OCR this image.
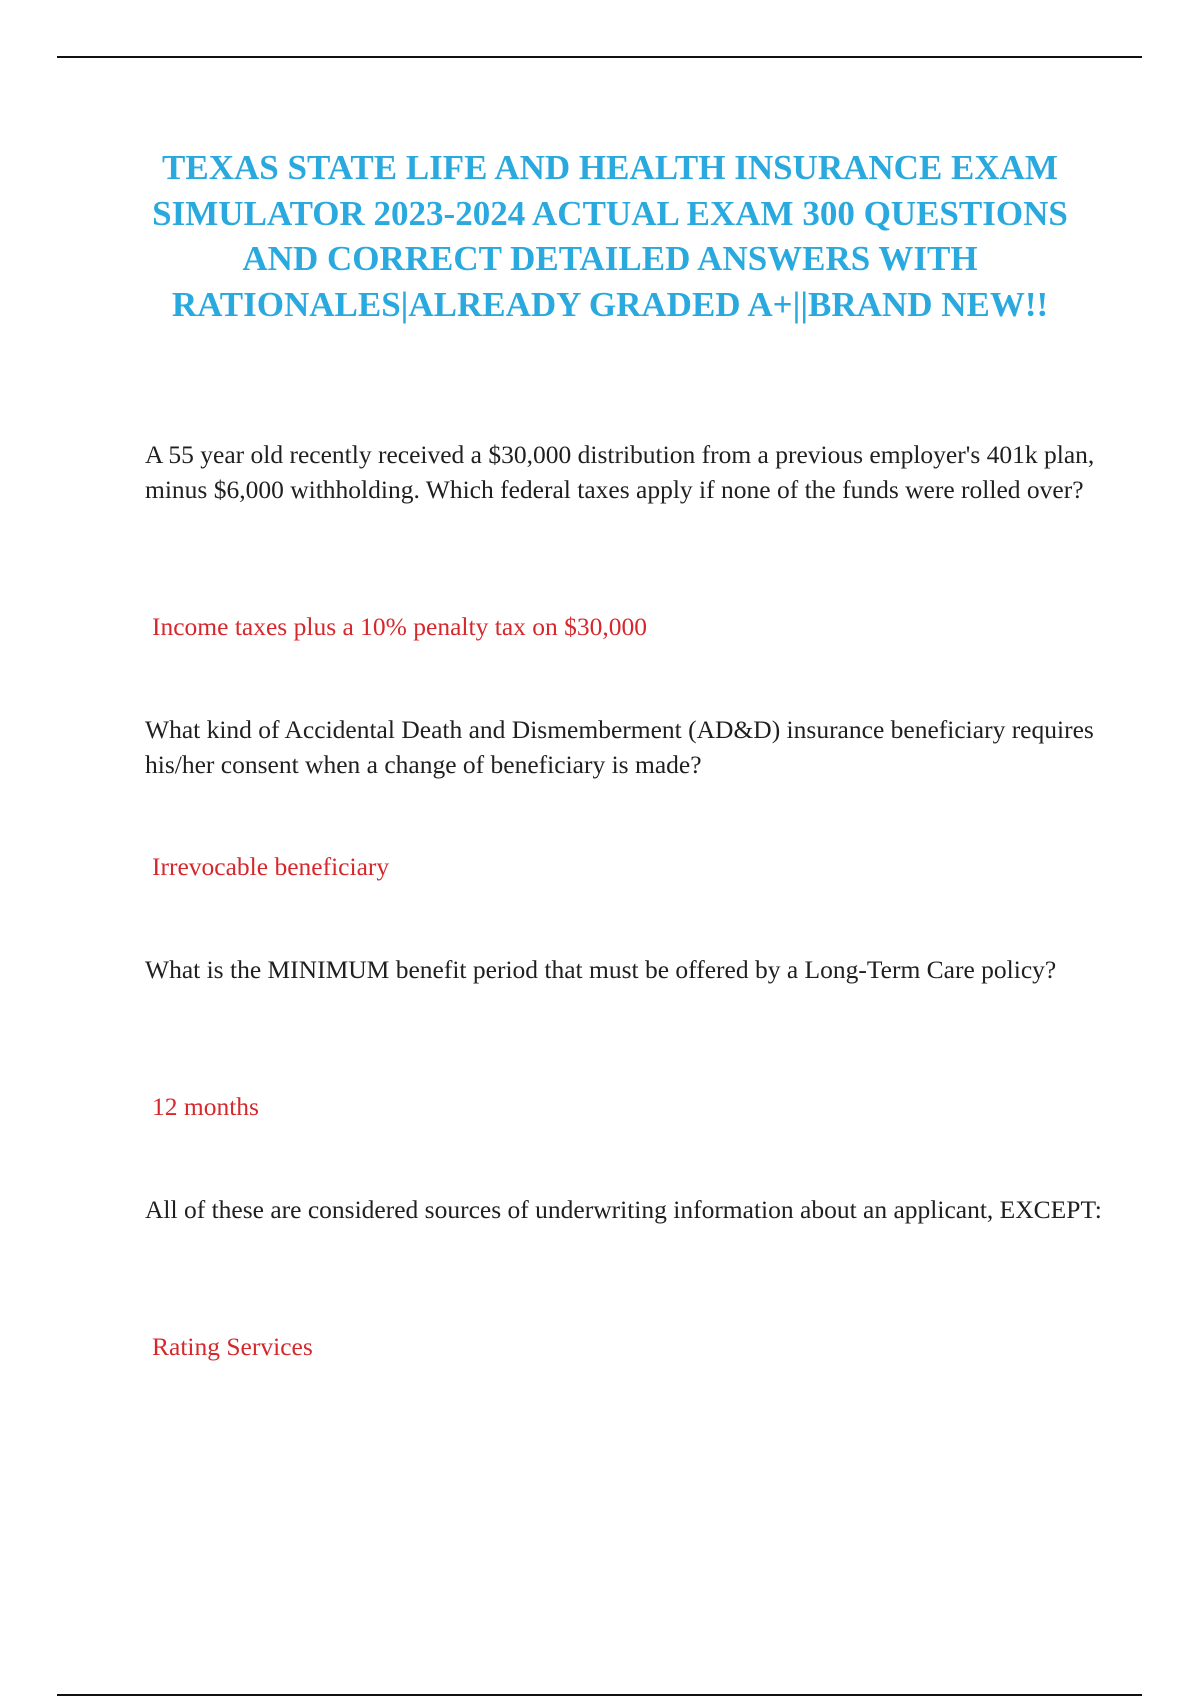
TEXAS STATE LIFE AND HEALTH INSURANCE EXAM SIMULATOR 2023-2024 ACTUAL EXAM 300 QUESTIONS AND CORRECT DETAILED ANSWERS WITH RATIONALES|ALREADY GRADED A+||BRAND NEW!!

A 55 year old recently received a $30,000 distribution from a previous employer's 401k plan, minus $6,000 withholding. Which federal taxes apply if none of the funds were rolled over?

Income taxes plus a 10% penalty tax on $30,000

What kind of Accidental Death and Dismemberment (AD&D) insurance beneficiary requires his/her consent when a change of beneficiary is made?

Irrevocable beneficiary

What is the MINIMUM benefit period that must be offered by a Long-Term Care policy?

12 months

All of these are considered sources of underwriting information about an applicant, EXCEPT:

Rating Services
